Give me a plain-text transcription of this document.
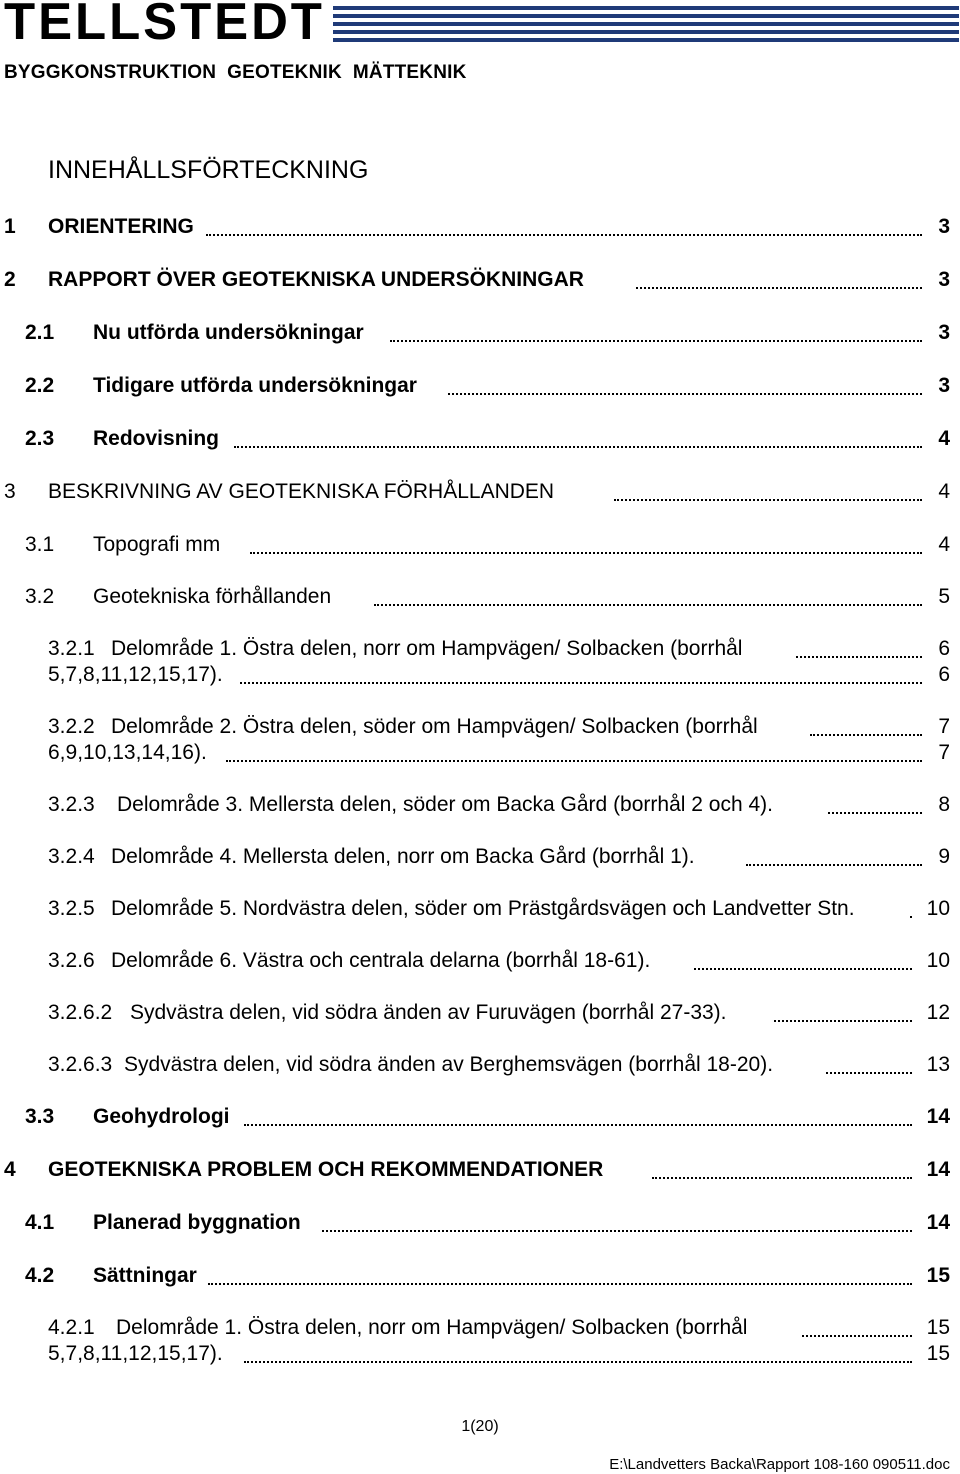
TELLSTEDT
BYGGKONSTRUKTION  GEOTEKNIK  MÄTTEKNIK
INNEHÅLLSFÖRTECKNING
1 ORIENTERING	3
2 RAPPORT ÖVER GEOTEKNISKA UNDERSÖKNINGAR	3
2.1 Nu utförda undersökningar	3
2.2 Tidigare utförda undersökningar	3
2.3 Redovisning	4
3 BESKRIVNING AV GEOTEKNISKA FÖRHÅLLANDEN	4
3.1 Topografi mm	4
3.2 Geotekniska förhållanden	5
3.2.1 Delområde 1. Östra delen, norr om Hampvägen/ Solbacken (borrhål	6
5,7,8,11,12,15,17).	6
3.2.2 Delområde 2. Östra delen, söder om Hampvägen/ Solbacken (borrhål	7
6,9,10,13,14,16).	7
3.2.3 Delområde 3. Mellersta delen, söder om Backa Gård (borrhål 2 och 4).	8
3.2.4 Delområde 4. Mellersta delen, norr om Backa Gård (borrhål 1).	9
3.2.5 Delområde 5. Nordvästra delen, söder om Prästgårdsvägen och Landvetter Stn.	10
3.2.6 Delområde 6. Västra och centrala delarna (borrhål 18-61).	10
3.2.6.2 Sydvästra delen, vid södra änden av Furuvägen (borrhål 27-33).	12
3.2.6.3 Sydvästra delen, vid södra änden av Berghemsvägen (borrhål 18-20).	13
3.3 Geohydrologi	14
4 GEOTEKNISKA PROBLEM OCH REKOMMENDATIONER	14
4.1 Planerad byggnation	14
4.2 Sättningar	15
4.2.1 Delområde 1. Östra delen, norr om Hampvägen/ Solbacken (borrhål	15
5,7,8,11,12,15,17).	15
1(20)
E:\Landvetters Backa\Rapport 108-160 090511.doc
